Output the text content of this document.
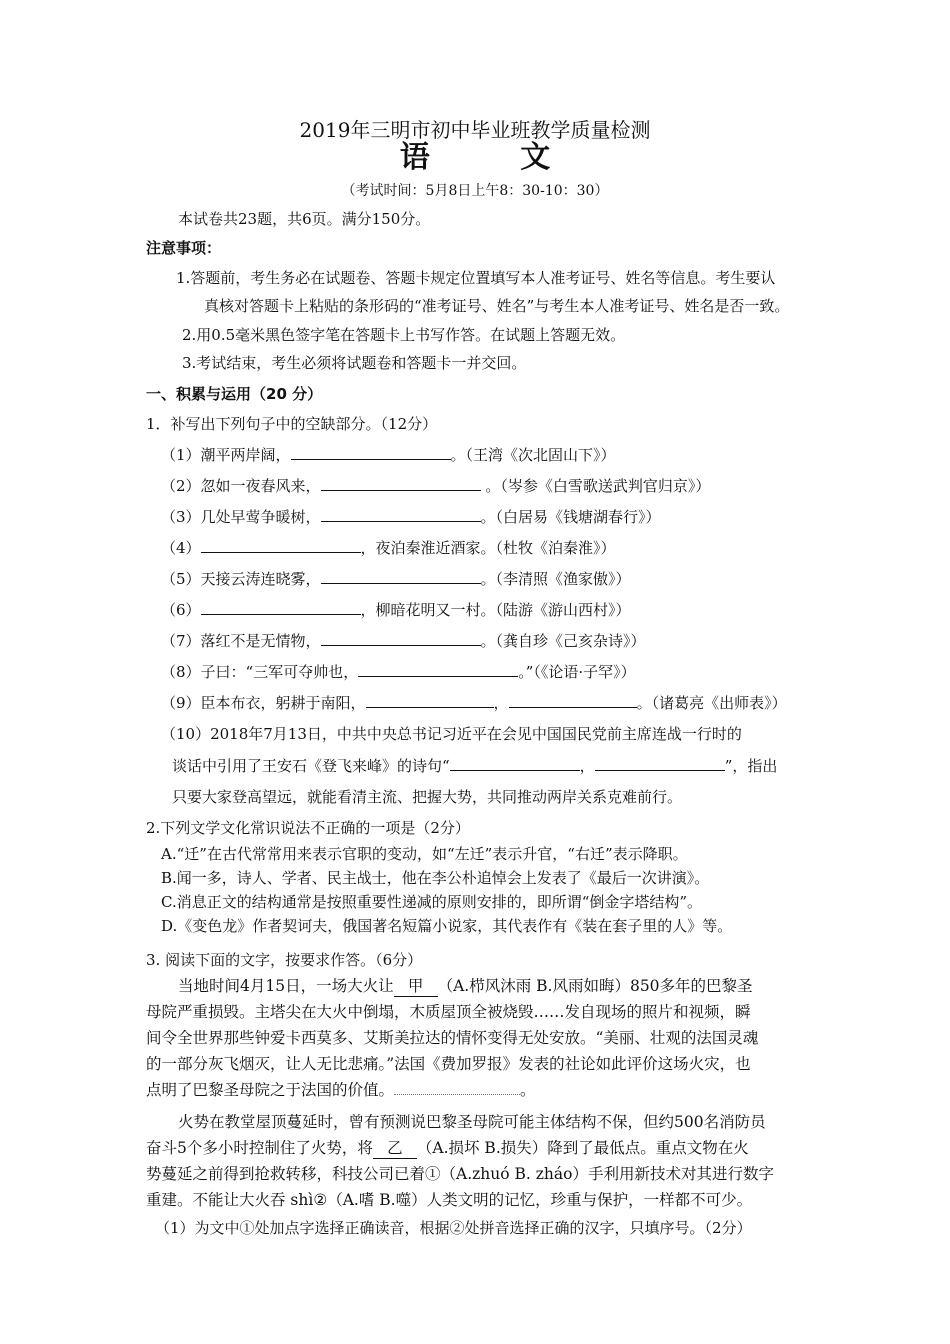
2019年三明市初中毕业班教学质量检测
语 文
（考试时间：5月8日上午8：30-10：30）
本试卷共23题，共6页。满分150分。
注意事项：
1.答题前，考生务必在试题卷、答题卡规定位置填写本人准考证号、姓名等信息。考生要认
真核对答题卡上粘贴的条形码的“准考证号、姓名”与考生本人准考证号、姓名是否一致。
2.用0.5毫米黑色签字笔在答题卡上书写作答。在试题上答题无效。
3.考试结束，考生必须将试题卷和答题卡一并交回。
一、积累与运用（20 分）
1．补写出下列句子中的空缺部分。（12分）
（1）潮平两岸阔，	。（王湾《次北固山下》）
（2）忽如一夜春风来，	。（岑参《白雪歌送武判官归京》）
（3）几处早莺争暖树，	。（白居易《钱塘湖春行》）
（4）	，夜泊秦淮近酒家。（杜牧《泊秦淮》）
（5）天接云涛连晓雾，	。（李清照《渔家傲》）
（6）	，柳暗花明又一村。（陆游《游山西村》）
（7）落红不是无情物，	。（龚自珍《己亥杂诗》）
（8）子曰：“三军可夺帅也，	。”（《论语·子罕》）
（9）臣本布衣，躬耕于南阳，	，	。（诸葛亮《出师表》）
（10）2018年7月13日，中共中央总书记习近平在会见中国国民党前主席连战一行时的
谈话中引用了王安石《登飞来峰》的诗句“	，	”，指出
只要大家登高望远，就能看清主流、把握大势，共同推动两岸关系克难前行。
2.下列文学文化常识说法不正确的一项是（2分）
A.“迁”在古代常常用来表示官职的变动，如“左迁”表示升官，“右迁”表示降职。
B.闻一多，诗人、学者、民主战士，他在李公朴追悼会上发表了《最后一次讲演》。
C.消息正文的结构通常是按照重要性递减的原则安排的，即所谓“倒金字塔结构”。
D.《变色龙》作者契诃夫，俄国著名短篇小说家，其代表作有《装在套子里的人》等。
3. 阅读下面的文字，按要求作答。（6分）
当地时间4月15日，一场大火让 甲 （A.栉风沐雨 B.风雨如晦）850多年的巴黎圣
母院严重损毁。主塔尖在大火中倒塌，木质屋顶全被烧毁……发自现场的照片和视频，瞬
间令全世界那些钟爱卡西莫多、艾斯美拉达的情怀变得无处安放。“美丽、壮观的法国灵魂
的一部分灰飞烟灭，让人无比悲痛。”法国《费加罗报》发表的社论如此评价这场火灾，也
点明了巴黎圣母院之于法国的价值。	。
火势在教堂屋顶蔓延时，曾有预测说巴黎圣母院可能主体结构不保，但约500名消防员
奋斗5个多小时控制住了火势，将 乙 （A.损坏 B.损失）降到了最低点。重点文物在火
势蔓延之前得到抢救转移，科技公司已着①（A.zhuó B. zháo）手利用新技术对其进行数字
重建。不能让大火吞 shì②（A.嗜 B.噬）人类文明的记忆，珍重与保护，一样都不可少。
（1）为文中①处加点字选择正确读音，根据②处拼音选择正确的汉字，只填序号。（2分）
